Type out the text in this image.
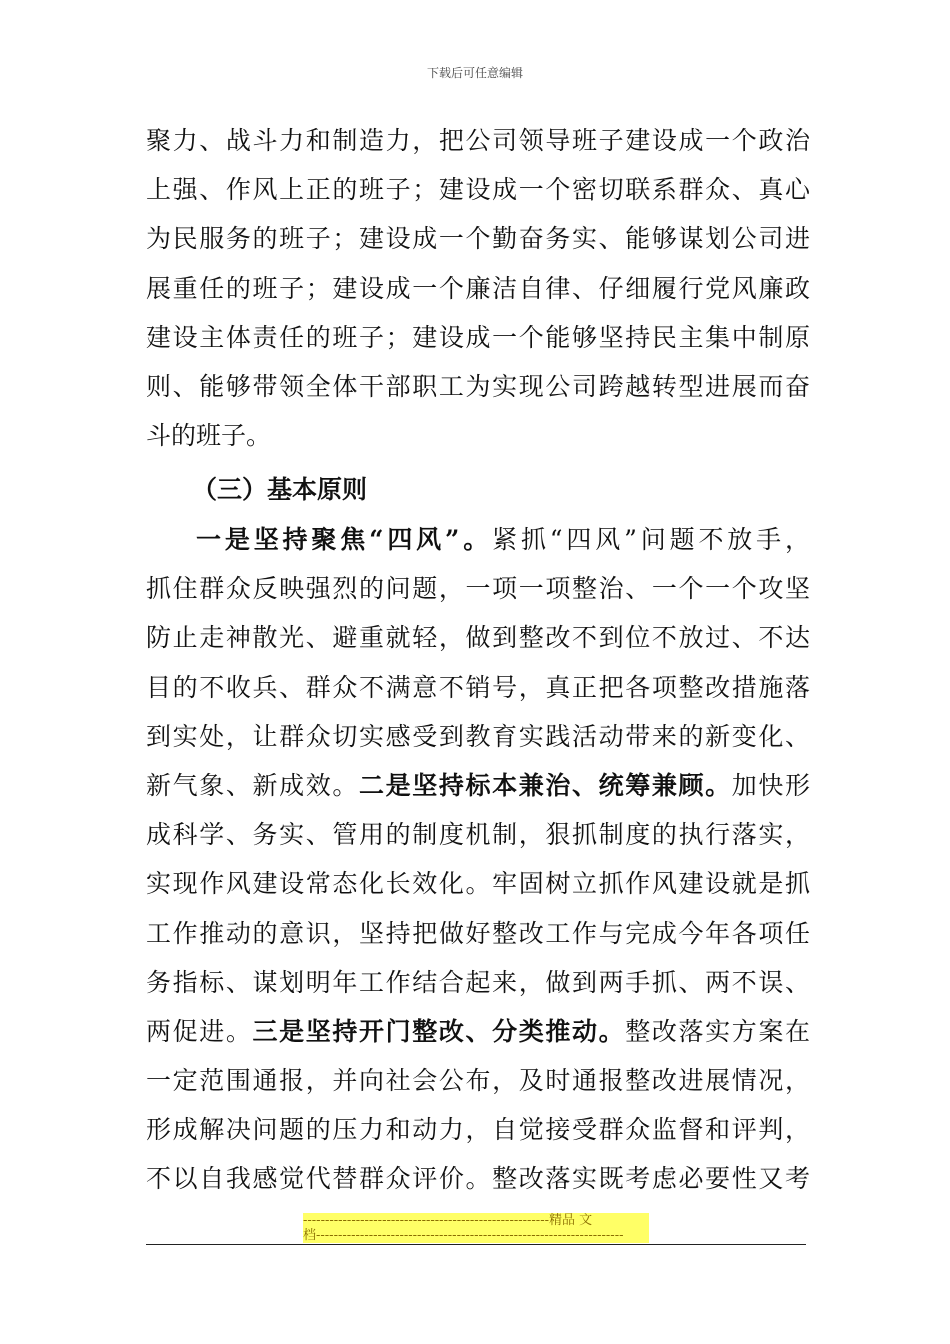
下载后可任意编辑
聚力、战斗力和制造力，把公司领导班子建设成一个政治
上强、作风上正的班子；建设成一个密切联系群众、真心
为民服务的班子；建设成一个勤奋务实、能够谋划公司进
展重任的班子；建设成一个廉洁自律、仔细履行党风廉政
建设主体责任的班子；建设成一个能够坚持民主集中制原
则、能够带领全体干部职工为实现公司跨越转型进展而奋
斗的班子。
（三）基本原则
一是坚持聚焦“四风”。紧抓“四风”问题不放手，
抓住群众反映强烈的问题，一项一项整治、一个一个攻坚
防止走神散光、避重就轻，做到整改不到位不放过、不达
目的不收兵、群众不满意不销号，真正把各项整改措施落
到实处，让群众切实感受到教育实践活动带来的新变化、
新气象、新成效。二是坚持标本兼治、统筹兼顾。加快形
成科学、务实、管用的制度机制，狠抓制度的执行落实，
实现作风建设常态化长效化。牢固树立抓作风建设就是抓
工作推动的意识，坚持把做好整改工作与完成今年各项任
务指标、谋划明年工作结合起来，做到两手抓、两不误、
两促进。三是坚持开门整改、分类推动。整改落实方案在
一定范围通报，并向社会公布，及时通报整改进展情况，
形成解决问题的压力和动力，自觉接受群众监督和评判，
不以自我感觉代替群众评价。整改落实既考虑必要性又考
--------------------------------------------------------精品 文
档----------------------------------------------------------------------
